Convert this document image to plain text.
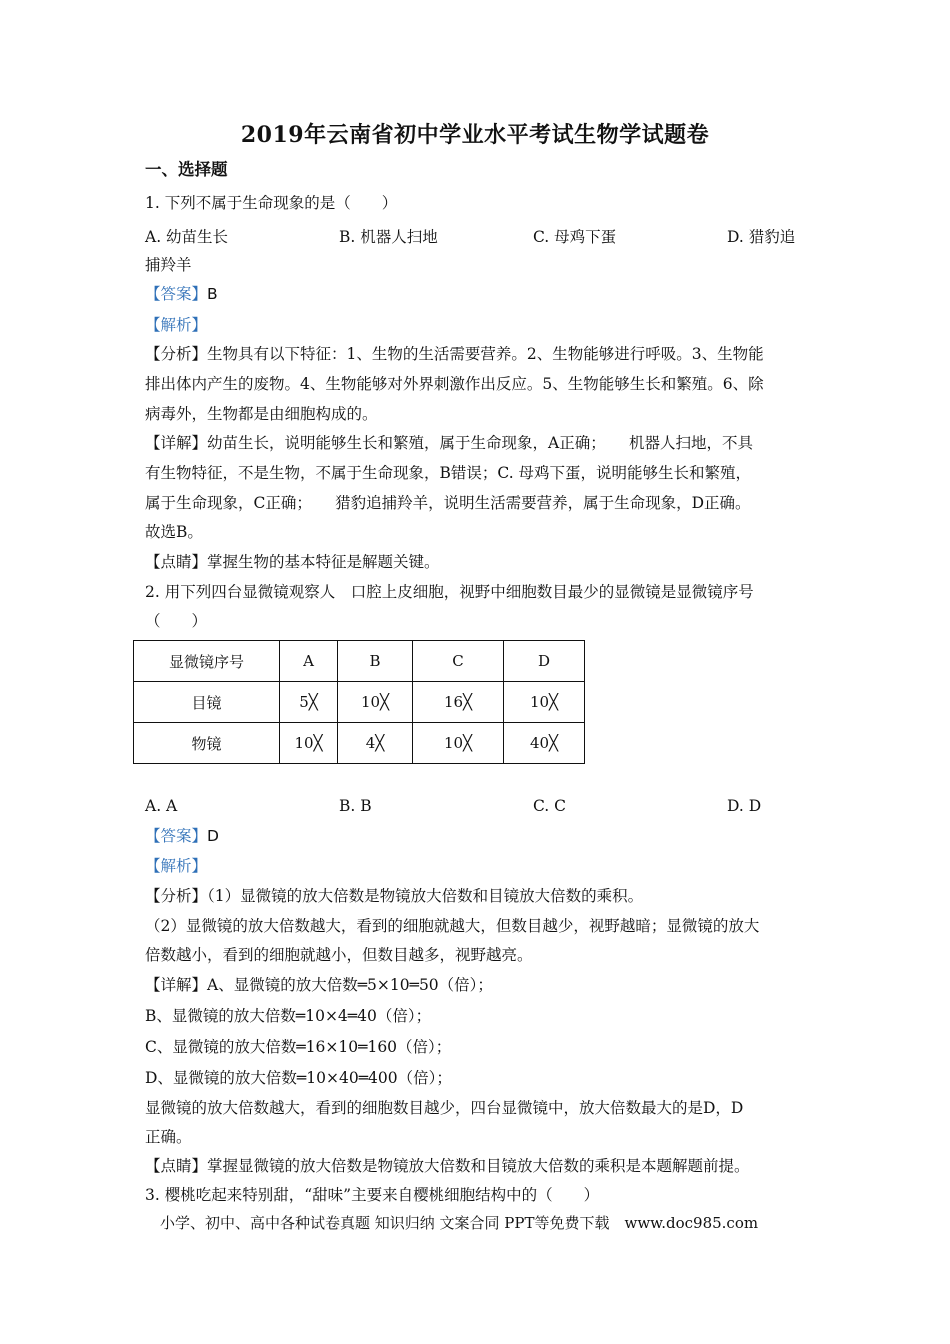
2019年云南省初中学业水平考试生物学试题卷
一、选择题
1. 下列不属于生命现象的是（　　）
A. 幼苗生长	B. 机器人扫地	C. 母鸡下蛋	D. 猎豹追
捕羚羊
【答案】B
【解析】
【分析】生物具有以下特征：1、生物的生活需要营养。2、生物能够进行呼吸。3、生物能
排出体内产生的废物。4、生物能够对外界刺激作出反应。5、生物能够生长和繁殖。6、除
病毒外，生物都是由细胞构成的。
【详解】幼苗生长，说明能够生长和繁殖，属于生命现象，A正确；　　机器人扫地，不具
有生物特征，不是生物，不属于生命现象，B错误；C. 母鸡下蛋，说明能够生长和繁殖，
属于生命现象，C正确；　　猎豹追捕羚羊，说明生活需要营养，属于生命现象，D正确。
故选B。
【点睛】掌握生物的基本特征是解题关键。
2. 用下列四台显微镜观察人　口腔上皮细胞，视野中细胞数目最少的显微镜是显微镜序号
（　　）
显微镜序号	A	B	C	D
目镜	5╳	10╳	16╳	10╳
物镜	10╳	4╳	10╳	40╳
A. A	B. B	C. C	D. D
【答案】D
【解析】
【分析】（1）显微镜的放大倍数是物镜放大倍数和目镜放大倍数的乘积。
（2）显微镜的放大倍数越大，看到的细胞就越大，但数目越少，视野越暗；显微镜的放大
倍数越小，看到的细胞就越小，但数目越多，视野越亮。
【详解】A、显微镜的放大倍数═5×10═50（倍）；
B、显微镜的放大倍数═10×4═40（倍）；
C、显微镜的放大倍数═16×10═160（倍）；
D、显微镜的放大倍数═10×40═400（倍）；
显微镜的放大倍数越大，看到的细胞数目越少，四台显微镜中，放大倍数最大的是D，D
正确。
【点睛】掌握显微镜的放大倍数是物镜放大倍数和目镜放大倍数的乘积是本题解题前提。
3. 樱桃吃起来特别甜，“甜味”主要来自樱桃细胞结构中的（　　）
小学、初中、高中各种试卷真题 知识归纳 文案合同 PPT等免费下载　www.doc985.com
